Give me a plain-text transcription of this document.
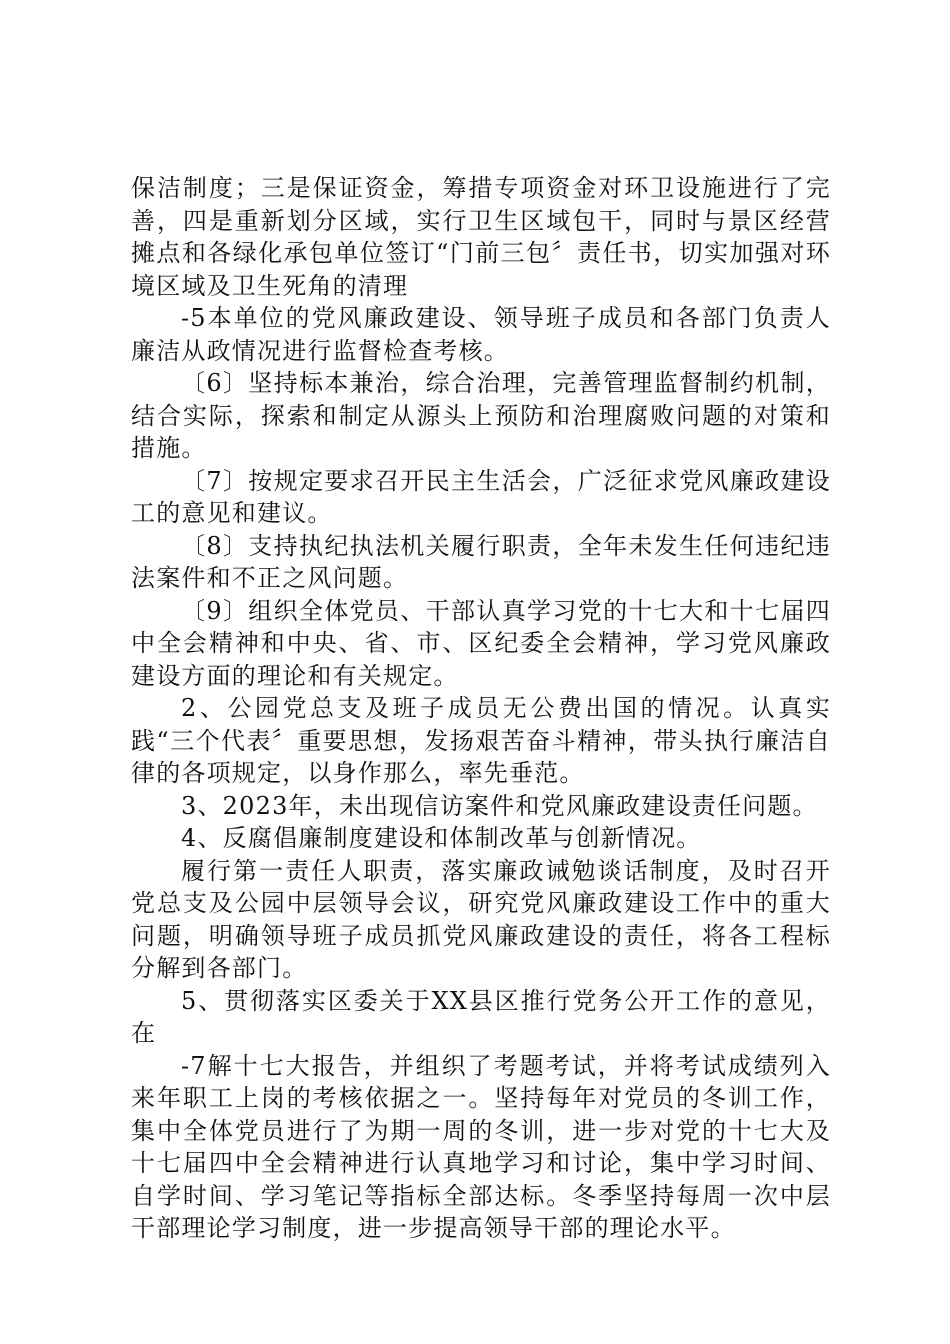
保洁制度；三是保证资金，筹措专项资金对环卫设施进行了完善，四是重新划分区域，实行卫生区域包干，同时与景区经营摊点和各绿化承包单位签订“门前三包〞责任书，切实加强对环境区域及卫生死角的清理

-5本单位的党风廉政建设、领导班子成员和各部门负责人廉洁从政情况进行监督检查考核。

〔6〕坚持标本兼治，综合治理，完善管理监督制约机制，结合实际，探索和制定从源头上预防和治理腐败问题的对策和措施。

〔7〕按规定要求召开民主生活会，广泛征求党风廉政建设工的意见和建议。

〔8〕支持执纪执法机关履行职责，全年未发生任何违纪违法案件和不正之风问题。

〔9〕组织全体党员、干部认真学习党的十七大和十七届四中全会精神和中央、省、市、区纪委全会精神，学习党风廉政建设方面的理论和有关规定。

2、公园党总支及班子成员无公费出国的情况。认真实践“三个代表〞重要思想，发扬艰苦奋斗精神，带头执行廉洁自律的各项规定，以身作那么，率先垂范。

3、2023年，未出现信访案件和党风廉政建设责任问题。

4、反腐倡廉制度建设和体制改革与创新情况。

履行第一责任人职责，落实廉政诫勉谈话制度，及时召开党总支及公园中层领导会议，研究党风廉政建设工作中的重大问题，明确领导班子成员抓党风廉政建设的责任，将各工程标分解到各部门。

5、贯彻落实区委关于XX县区推行党务公开工作的意见，在

-7解十七大报告，并组织了考题考试，并将考试成绩列入来年职工上岗的考核依据之一。坚持每年对党员的冬训工作，集中全体党员进行了为期一周的冬训，进一步对党的十七大及十七届四中全会精神进行认真地学习和讨论，集中学习时间、自学时间、学习笔记等指标全部达标。冬季坚持每周一次中层干部理论学习制度，进一步提高领导干部的理论水平。
